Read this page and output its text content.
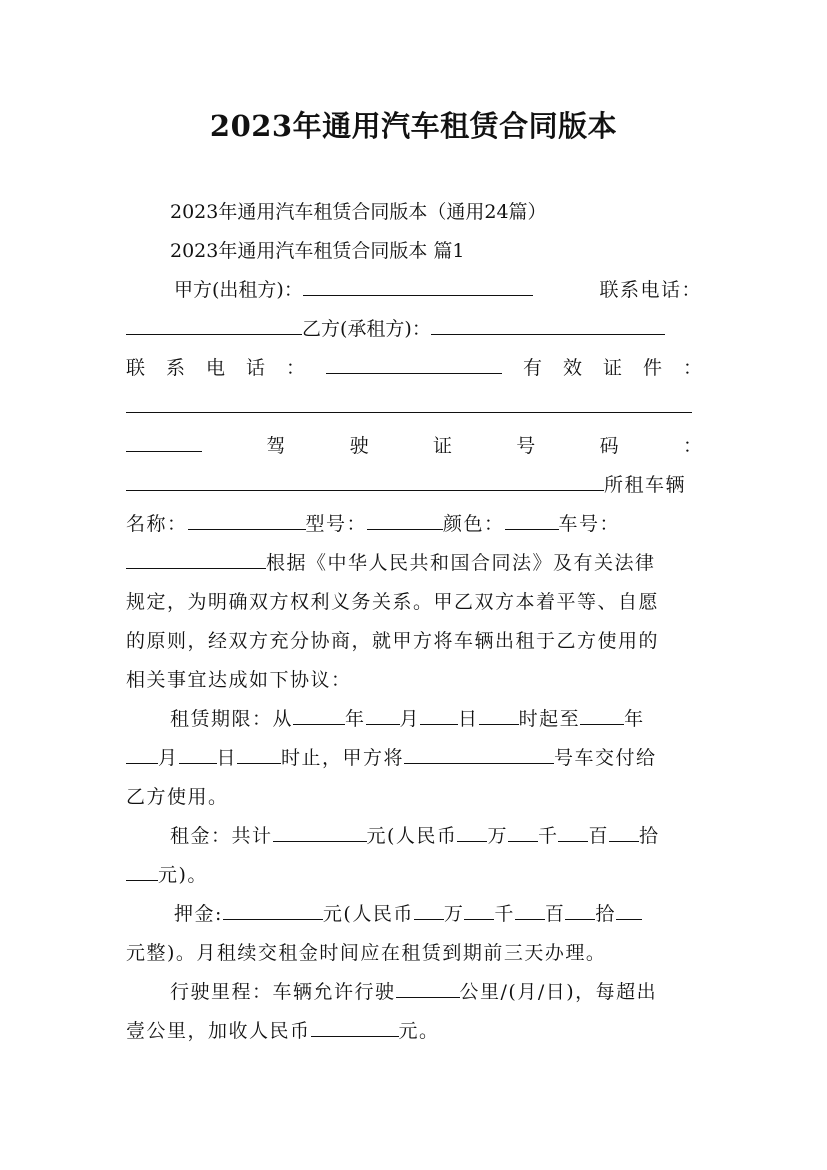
2023年通用汽车租赁合同版本
2023年通用汽车租赁合同版本（通用24篇）
2023年通用汽车租赁合同版本 篇1
甲方(出租方)：	联系电话：
乙方(承租方)：
联 系 电 话 ：	有 效 证 件 ：
驾	驶	证	号	码	：
所租车辆
名称：	型号：	颜色：	车号：
根据《中华人民共和国合同法》及有关法律
规定，为明确双方权利义务关系。甲乙双方本着平等、自愿
的原则，经双方充分协商，就甲方将车辆出租于乙方使用的
相关事宜达成如下协议：
租赁期限：从	年 月 日 时起至 年
月 日 时止，甲方将	号车交付给
乙方使用。
租金：共计	元(人民币 万 千 百 拾
元)。
押金:	元(人民币 万 千 百 拾
元整)。月租续交租金时间应在租赁到期前三天办理。
行驶里程：车辆允许行驶	公里/(月/日)，每超出
壹公里，加收人民币	元。
